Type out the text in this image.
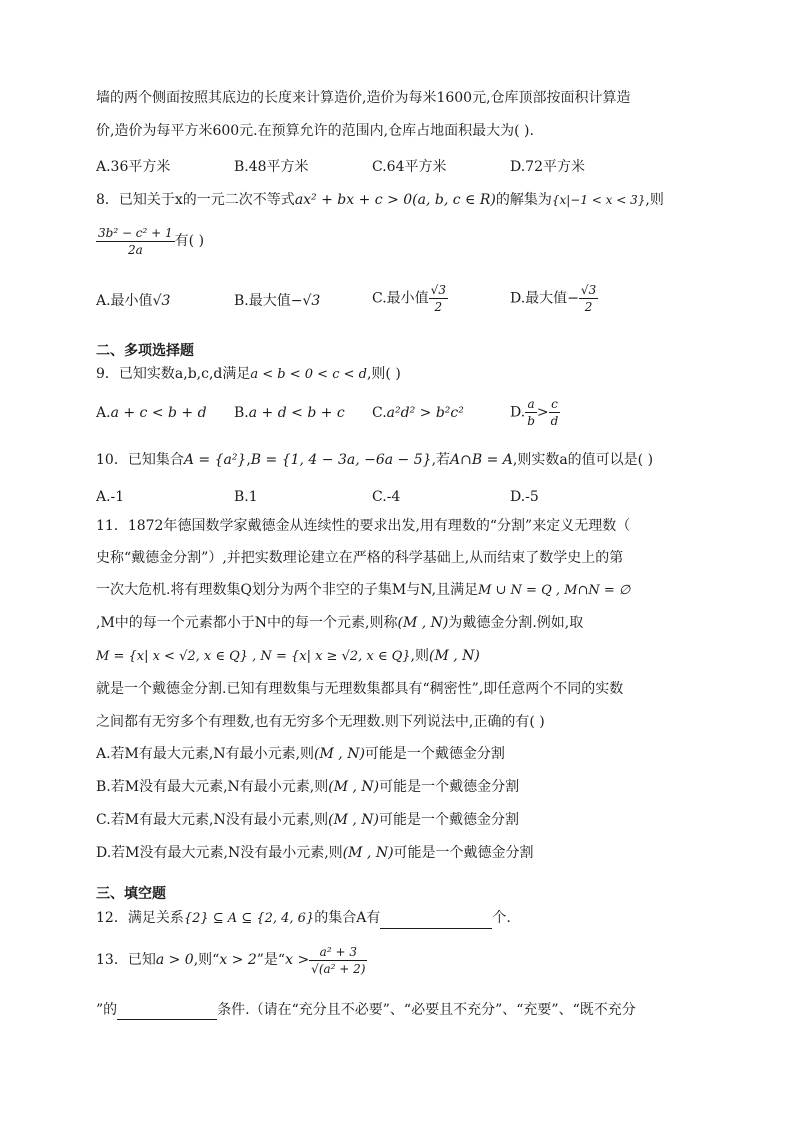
墙的两个侧面按照其底边的长度来计算造价,造价为每米1600元,仓库顶部按面积计算造
价,造价为每平方米600元.在预算允许的范围内,仓库占地面积最大为( ).
A.36平方米	B.48平方米	C.64平方米	D.72平方米
8．已知关于x的一元二次不等式ax² + bx + c > 0(a, b, c ∈ R)的解集为{x|−1 < x < 3},则
$\frac{\text{3b² − c² + 1}}{2a}$ 有( )
A.最小值√3	B.最大值−√3	C.最小值 $\frac{√3}{2}$	D.最大值− $\frac{√3}{2}$
二、多项选择题
9．已知实数a,b,c,d满足a < b < 0 < c < d,则( )
A.a + c < b + d B.a + d < b + c C.a²d² > b²c²	D. $\frac{a}{b} > \frac{c}{d}$
10．已知集合A = {a²},B = {1, 4 − 3a, −6a − 5},若A∩B = A,则实数a的值可以是( )
A.-1	B.1	C.-4	D.-5
11．1872年德国数学家戴德金从连续性的要求出发,用有理数的“分割”来定义无理数（
史称“戴德金分割”）,并把实数理论建立在严格的科学基础上,从而结束了数学史上的第
一次大危机.将有理数集Q划分为两个非空的子集M与N,且满足M ∪ N = Q , M∩N = ∅
,M中的每一个元素都小于N中的每一个元素,则称(M , N)为戴德金分割.例如,取
M = {x| x < √2, x ∈ Q} , N = {x| x ≥ √2, x ∈ Q},则(M , N)
就是一个戴德金分割.已知有理数集与无理数集都具有“稠密性”,即任意两个不同的实数
之间都有无穷多个有理数,也有无穷多个无理数.则下列说法中,正确的有( )
A.若M有最大元素,N有最小元素,则(M , N)可能是一个戴德金分割
B.若M没有最大元素,N有最小元素,则(M , N)可能是一个戴德金分割
C.若M有最大元素,N没有最小元素,则(M , N)可能是一个戴德金分割
D.若M没有最大元素,N没有最小元素,则(M , N)可能是一个戴德金分割
三、填空题
12．满足关系{2} ⊆ A ⊆ {2, 4, 6}的集合A有	个.
13．已知a > 0,则“x > 2”是“$x > \frac{\text{a² + 3}}{\text{√(a² + 2)}}$
”的	条件.（请在“充分且不必要”、“必要且不充分”、“充要”、“既不充分
